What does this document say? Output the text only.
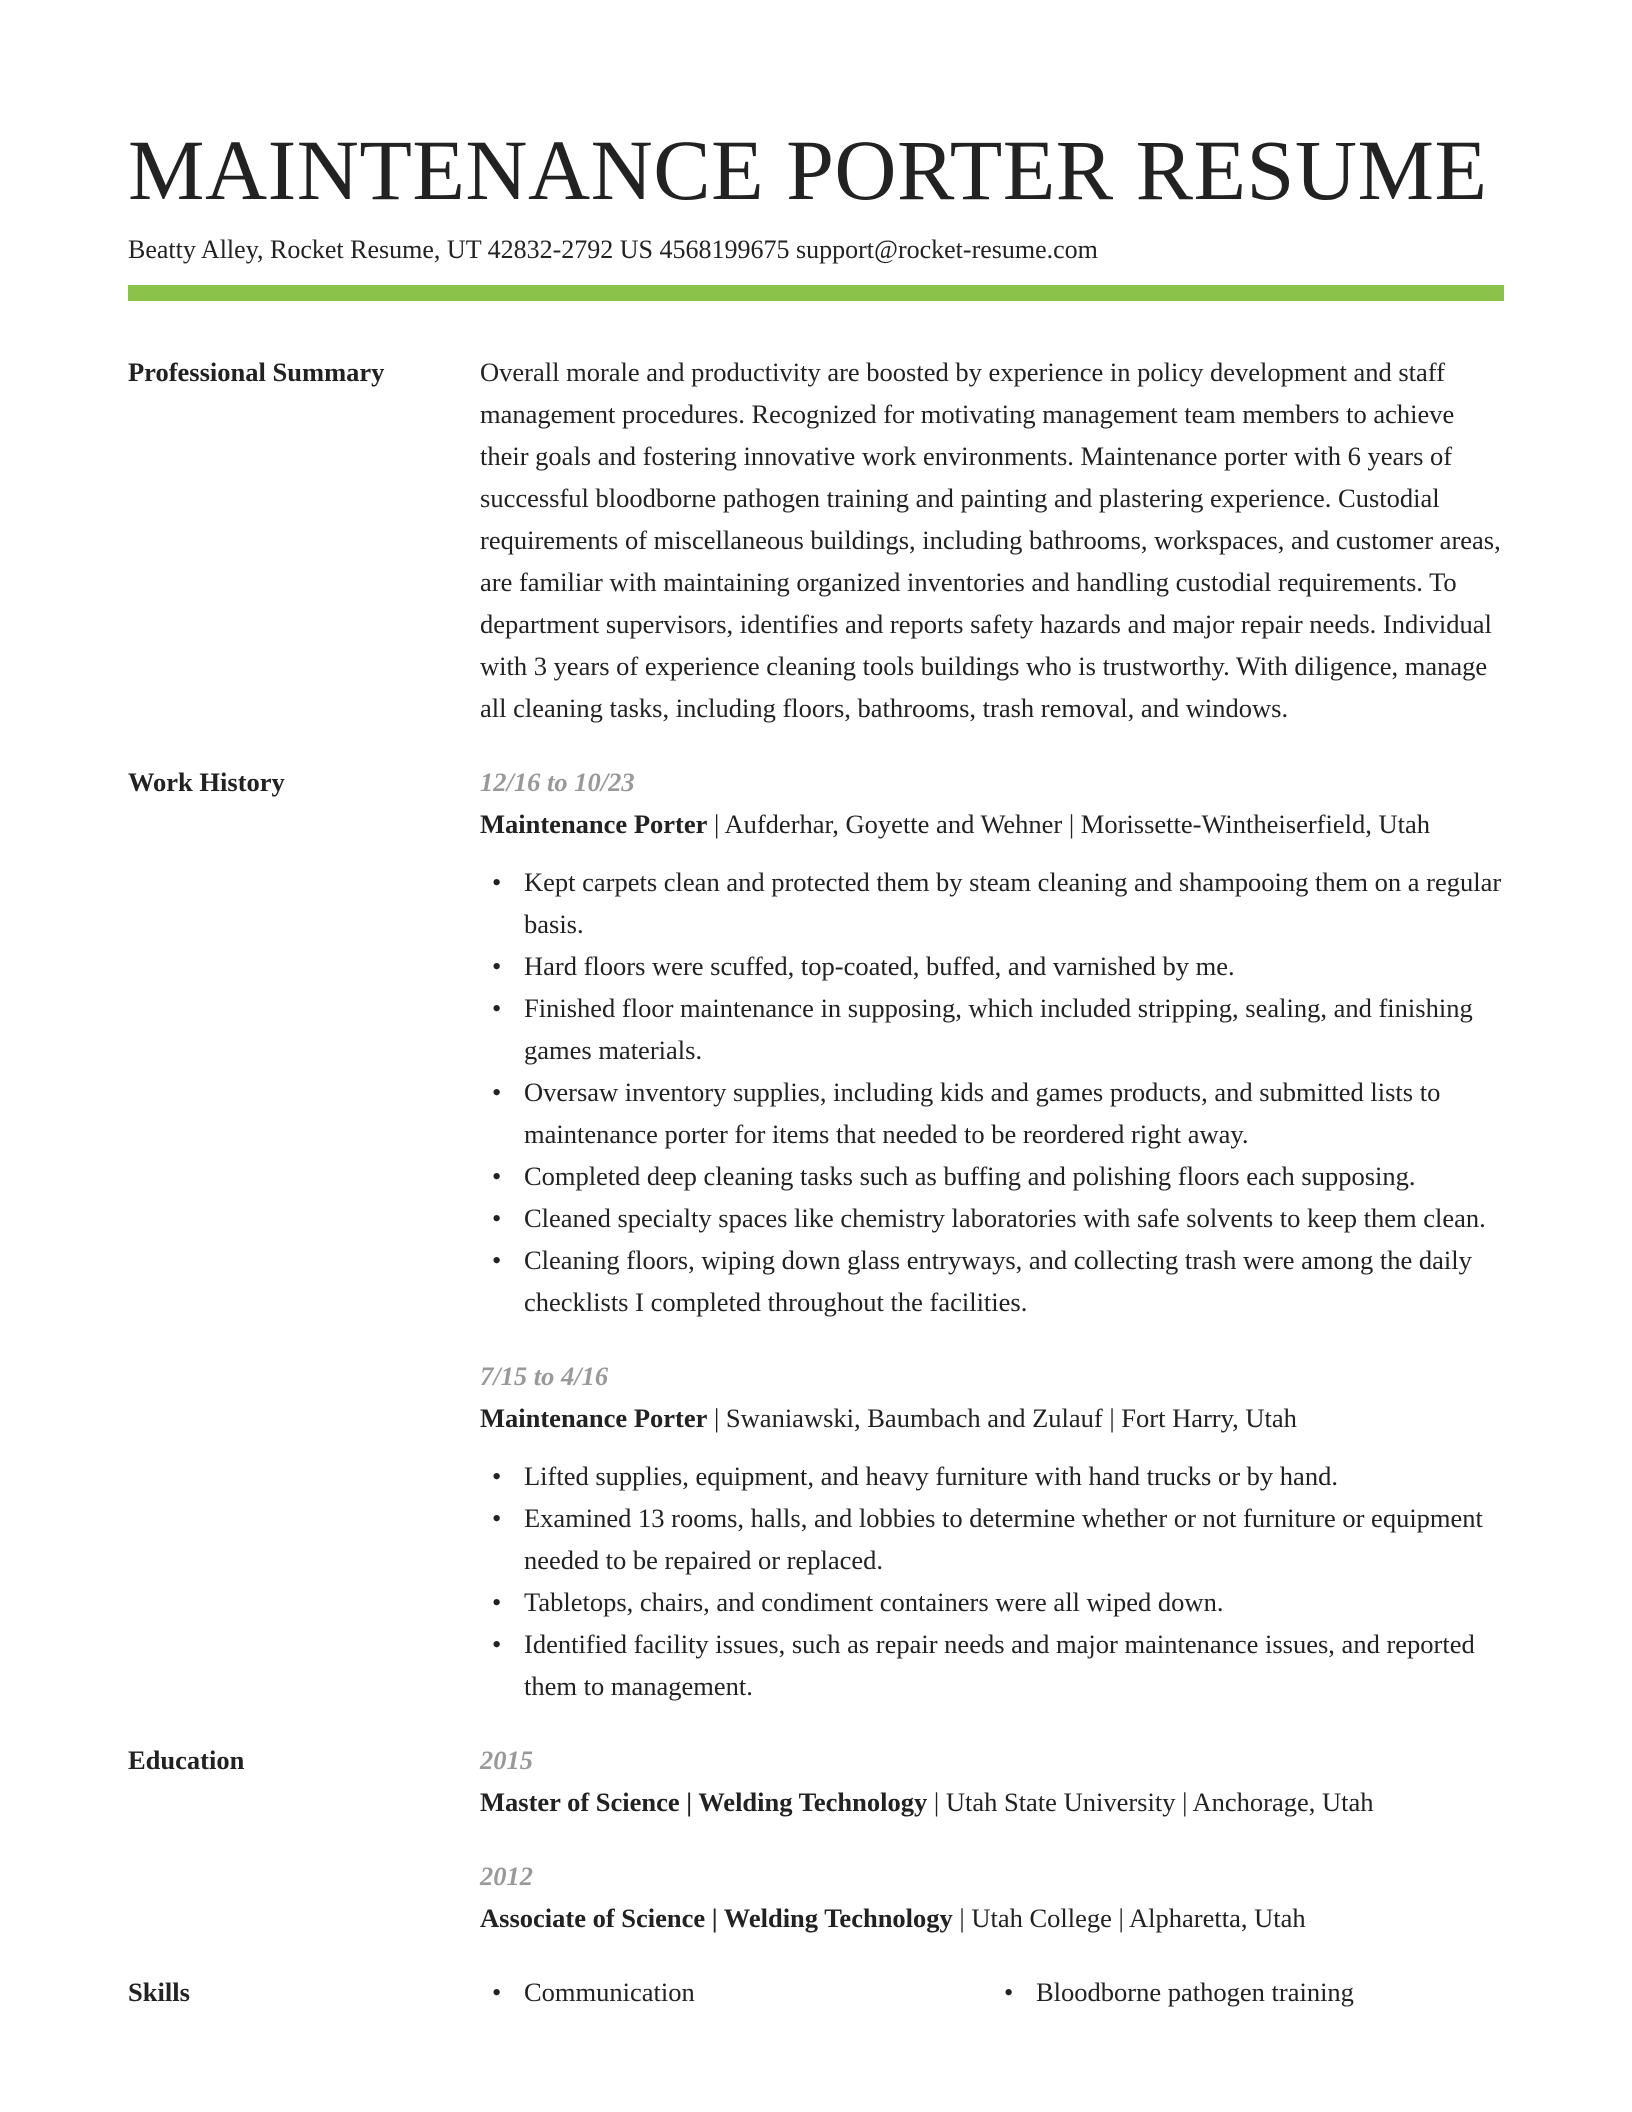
MAINTENANCE PORTER RESUME
Beatty Alley, Rocket Resume, UT 42832-2792 US 4568199675 support@rocket-resume.com
Professional Summary	Overall morale and productivity are boosted by experience in policy development and staff management procedures. Recognized for motivating management team members to achieve their goals and fostering innovative work environments. Maintenance porter with 6 years of successful bloodborne pathogen training and painting and plastering experience. Custodial requirements of miscellaneous buildings, including bathrooms, workspaces, and customer areas, are familiar with maintaining organized inventories and handling custodial requirements. To department supervisors, identifies and reports safety hazards and major repair needs. Individual with 3 years of experience cleaning tools buildings who is trustworthy. With diligence, manage all cleaning tasks, including floors, bathrooms, trash removal, and windows.
Work History	12/16 to 10/23
Maintenance Porter | Aufderhar, Goyette and Wehner | Morissette-Wintheiserfield, Utah
• Kept carpets clean and protected them by steam cleaning and shampooing them on a regular basis.
• Hard floors were scuffed, top-coated, buffed, and varnished by me.
• Finished floor maintenance in supposing, which included stripping, sealing, and finishing games materials.
• Oversaw inventory supplies, including kids and games products, and submitted lists to maintenance porter for items that needed to be reordered right away.
• Completed deep cleaning tasks such as buffing and polishing floors each supposing.
• Cleaned specialty spaces like chemistry laboratories with safe solvents to keep them clean.
• Cleaning floors, wiping down glass entryways, and collecting trash were among the daily checklists I completed throughout the facilities.
7/15 to 4/16
Maintenance Porter | Swaniawski, Baumbach and Zulauf | Fort Harry, Utah
• Lifted supplies, equipment, and heavy furniture with hand trucks or by hand.
• Examined 13 rooms, halls, and lobbies to determine whether or not furniture or equipment needed to be repaired or replaced.
• Tabletops, chairs, and condiment containers were all wiped down.
• Identified facility issues, such as repair needs and major maintenance issues, and reported them to management.
Education	2015
Master of Science | Welding Technology | Utah State University | Anchorage, Utah
2012
Associate of Science | Welding Technology | Utah College | Alpharetta, Utah
Skills	• Communication	• Bloodborne pathogen training
